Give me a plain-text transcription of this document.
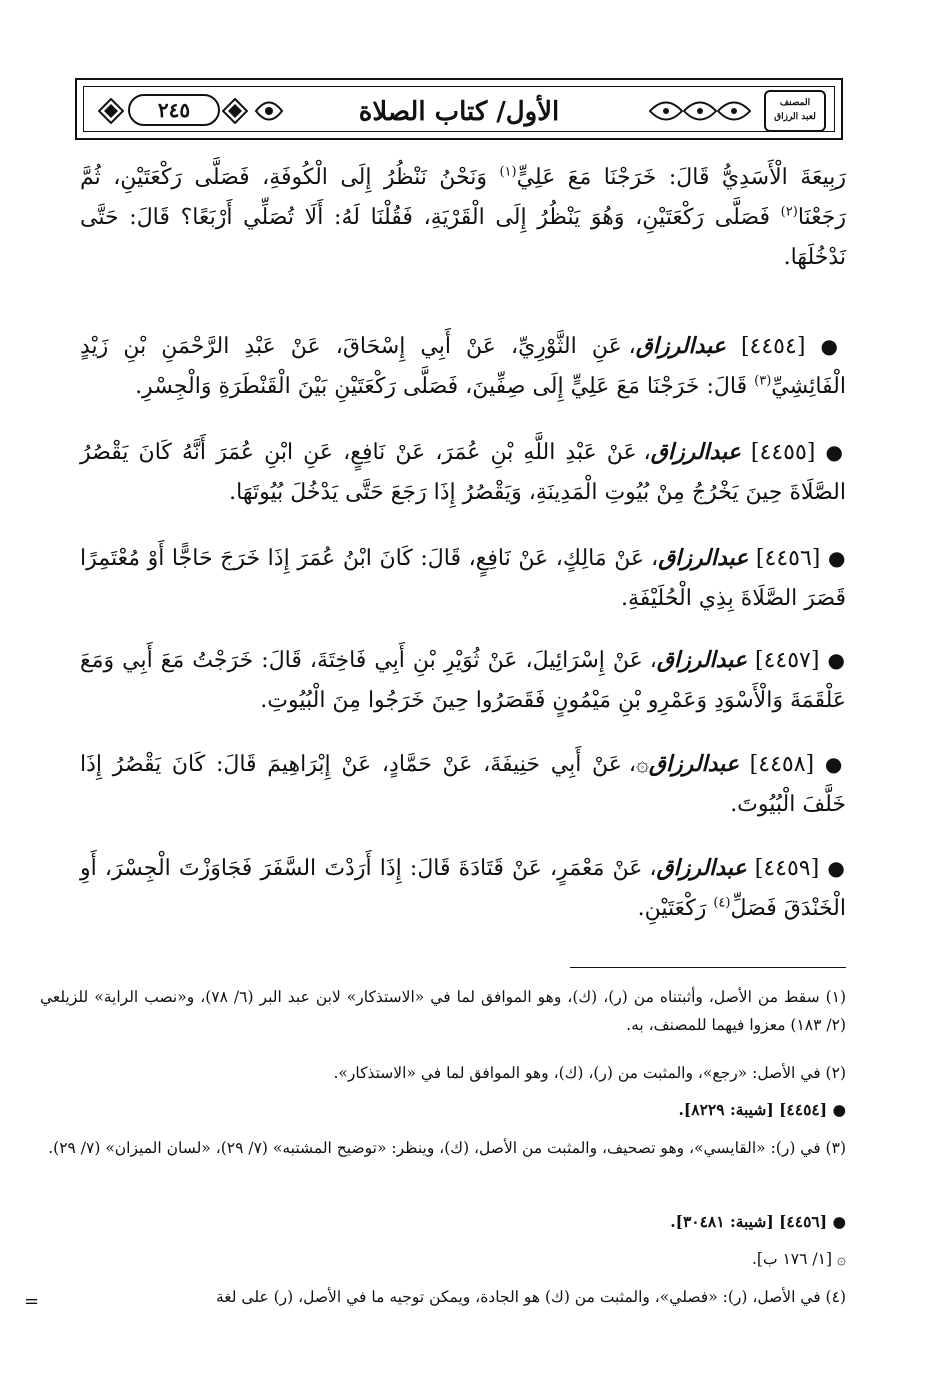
٢٤٥	الأول/ كتاب الصلاة	المصنف
لعبد الرزاق
رَبِيعَةَ الْأَسَدِيُّ قَالَ: خَرَجْنَا مَعَ عَلِيٍّ$^{(١)}$ وَنَحْنُ نَنْظُرُ إِلَى الْكُوفَةِ، فَصَلَّى رَكْعَتَيْنِ، ثُمَّ رَجَعْنَا$^{(٢)}$ فَصَلَّى رَكْعَتَيْنِ، وَهُوَ يَنْظُرُ إِلَى الْقَرْيَةِ، فَقُلْنَا لَهُ: أَلَا تُصَلِّي أَرْبَعًا؟ قَالَ: حَتَّى نَدْخُلَهَا.
● [٤٤٥٤] عبدالرزاق، عَنِ الثَّوْرِيِّ، عَنْ أَبِي إِسْحَاقَ، عَنْ عَبْدِ الرَّحْمَنِ بْنِ زَيْدٍ الْفَائِشِيِّ$^{(٣)}$ قَالَ: خَرَجْنَا مَعَ عَلِيٍّ إِلَى صِفِّينَ، فَصَلَّى رَكْعَتَيْنِ بَيْنَ الْقَنْطَرَةِ وَالْجِسْرِ.
● [٤٤٥٥] عبدالرزاق، عَنْ عَبْدِ اللَّهِ بْنِ عُمَرَ، عَنْ نَافِعٍ، عَنِ ابْنِ عُمَرَ أَنَّهُ كَانَ يَقْصُرُ الصَّلَاةَ حِينَ يَخْرُجُ مِنْ بُيُوتِ الْمَدِينَةِ، وَيَقْصُرُ إِذَا رَجَعَ حَتَّى يَدْخُلَ بُيُوتَهَا.
● [٤٤٥٦] عبدالرزاق، عَنْ مَالِكٍ، عَنْ نَافِعٍ، قَالَ: كَانَ ابْنُ عُمَرَ إِذَا خَرَجَ حَاجًّا أَوْ مُعْتَمِرًا قَصَرَ الصَّلَاةَ بِذِي الْحُلَيْفَةِ.
● [٤٤٥٧] عبدالرزاق، عَنْ إِسْرَائِيلَ، عَنْ ثُوَيْرِ بْنِ أَبِي فَاخِتَةَ، قَالَ: خَرَجْتُ مَعَ أَبِي وَمَعَ عَلْقَمَةَ وَالْأَسْوَدِ وَعَمْرِو بْنِ مَيْمُونٍ فَقَصَرُوا حِينَ خَرَجُوا مِنَ الْبُيُوتِ.
● [٤٤٥٨] عبدالرزاق۞، عَنْ أَبِي حَنِيفَةَ، عَنْ حَمَّادٍ، عَنْ إِبْرَاهِيمَ قَالَ: كَانَ يَقْصُرُ إِذَا خَلَّفَ الْبُيُوتَ.
● [٤٤٥٩] عبدالرزاق، عَنْ مَعْمَرٍ، عَنْ قَتَادَةَ قَالَ: إِذَا أَرَدْتَ السَّفَرَ فَجَاوَزْتَ الْجِسْرَ، أَوِ الْخَنْدَقَ فَصَلِّ$^{(٤)}$ رَكْعَتَيْنِ.
(١) سقط من الأصل، وأثبتناه من (ر)، (ك)، وهو الموافق لما في «الاستذكار» لابن عبد البر (٦/ ٧٨)، و«نصب الراية» للزيلعي (٢/ ١٨٣) معزوا فيهما للمصنف، به.
(٢) في الأصل: «رجع»، والمثبت من (ر)، (ك)، وهو الموافق لما في «الاستذكار».
● [٤٤٥٤] [شيبة: ٨٢٢٩].
(٣) في (ر): «القايسي»، وهو تصحيف، والمثبت من الأصل، (ك)، وينظر: «توضيح المشتبه» (٧/ ٢٩)، «لسان الميزان» (٧/ ٢٩).
● [٤٤٥٦] [شيبة: ٣٠٤٨١].
۞ [١/ ١٧٦ ب].
(٤) في الأصل، (ر): «فصلي»، والمثبت من (ك) هو الجادة، ويمكن توجيه ما في الأصل، (ر) على لغة
=
